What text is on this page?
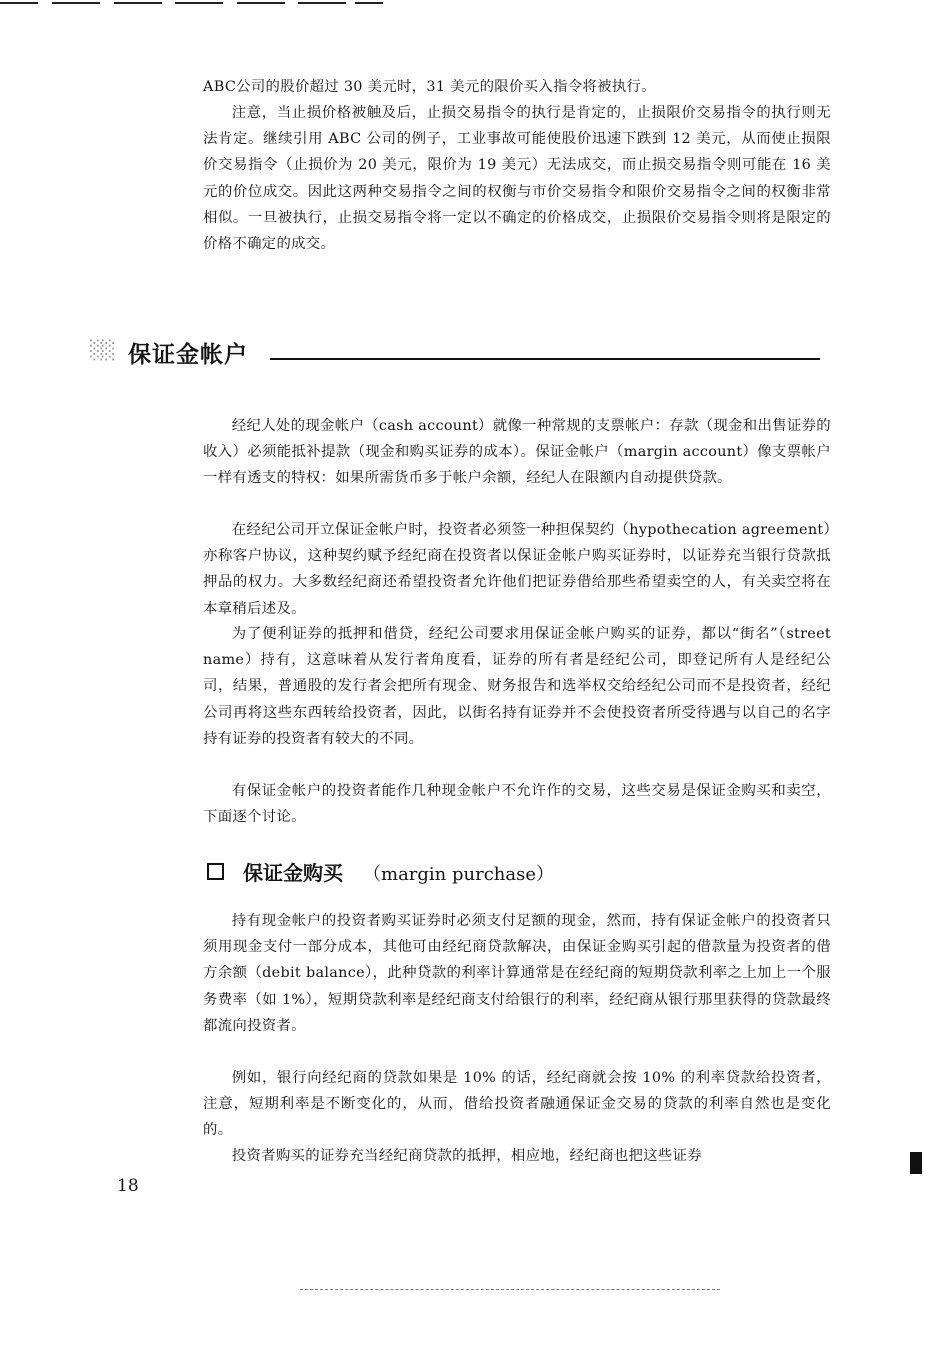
ABC公司的股价超过 30 美元时，31 美元的限价买入指令将被执行。

注意，当止损价格被触及后，止损交易指令的执行是肯定的，止损限价交易指令的执行则无法肯定。继续引用 ABC 公司的例子，工业事故可能使股价迅速下跌到 12 美元，从而使止损限价交易指令（止损价为 20 美元，限价为 19 美元）无法成交，而止损交易指令则可能在 16 美元的价位成交。因此这两种交易指令之间的权衡与市价交易指令和限价交易指令之间的权衡非常相似。一旦被执行，止损交易指令将一定以不确定的价格成交，止损限价交易指令则将是限定的价格不确定的成交。

░░ 保证金帐户

经纪人处的现金帐户（cash account）就像一种常规的支票帐户：存款（现金和出售证券的收入）必须能抵补提款（现金和购买证券的成本）。保证金帐户（margin account）像支票帐户一样有透支的特权：如果所需货币多于帐户余额，经纪人在限额内自动提供贷款。

在经纪公司开立保证金帐户时，投资者必须签一种担保契约（hypothecation agreement）亦称客户协议，这种契约赋予经纪商在投资者以保证金帐户购买证券时，以证券充当银行贷款抵押品的权力。大多数经纪商还希望投资者允许他们把证券借给那些希望卖空的人，有关卖空将在本章稍后述及。

为了便利证券的抵押和借贷，经纪公司要求用保证金帐户购买的证券，都以“街名”（street name）持有，这意味着从发行者角度看，证券的所有者是经纪公司，即登记所有人是经纪公司，结果，普通股的发行者会把所有现金、财务报告和选举权交给经纪公司而不是投资者，经纪公司再将这些东西转给投资者，因此，以街名持有证券并不会使投资者所受待遇与以自己的名字持有证券的投资者有较大的不同。

有保证金帐户的投资者能作几种现金帐户不允许作的交易，这些交易是保证金购买和卖空，下面逐个讨论。

保证金购买 （margin purchase）

持有现金帐户的投资者购买证券时必须支付足额的现金，然而，持有保证金帐户的投资者只须用现金支付一部分成本，其他可由经纪商贷款解决，由保证金购买引起的借款量为投资者的借方余额（debit balance），此种贷款的利率计算通常是在经纪商的短期贷款利率之上加上一个服务费率（如 1%），短期贷款利率是经纪商支付给银行的利率，经纪商从银行那里获得的贷款最终都流向投资者。

例如，银行向经纪商的贷款如果是 10% 的话，经纪商就会按 10% 的利率贷款给投资者，注意，短期利率是不断变化的，从而，借给投资者融通保证金交易的贷款的利率自然也是变化的。

投资者购买的证券充当经纪商贷款的抵押，相应地，经纪商也把这些证券

18
